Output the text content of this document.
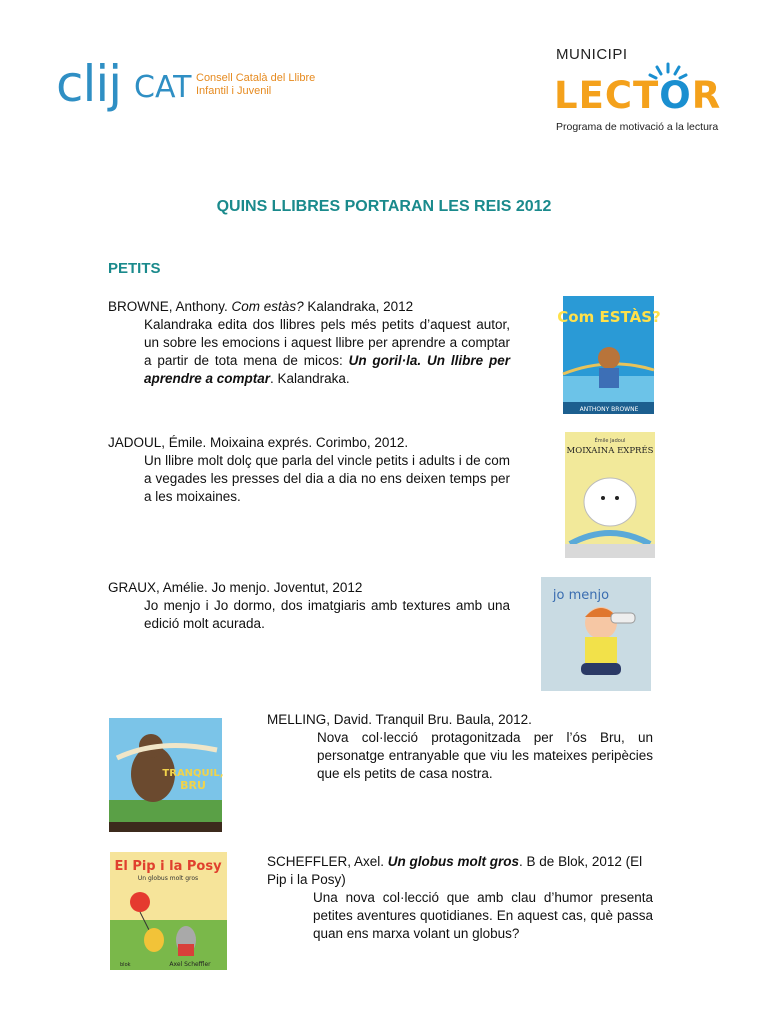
clij CAT Consell Català del Llibre
Infantil i Juvenil
MUNICIPI
LECTOR
Programa de motivació a la lectura
QUINS LLIBRES PORTARAN LES REIS 2012
PETITS
BROWNE, Anthony. Com estàs? Kalandraka, 2012
Kalandraka edita dos llibres pels més petits d’aquest autor, un sobre les emocions i aquest llibre per aprendre a comptar a partir de tota mena de micos: Un goril·la. Un llibre per aprendre a comptar. Kalandraka.
Com ESTÀS?
ANTHONY BROWNE
JADOUL, Émile. Moixaina exprés. Corimbo, 2012.
Un llibre molt dolç que parla del vincle petits i adults i de com a vegades les presses del dia a dia no ens deixen temps per a les moixaines.
Émile Jadoul
MOIXAINA EXPRÉS
GRAUX, Amélie. Jo menjo. Joventut, 2012
Jo menjo i Jo dormo, dos imatgiaris amb textures amb una edició molt acurada.
jo menjo
MELLING, David. Tranquil Bru. Baula, 2012.
Nova col·lecció protagonitzada per l’ós Bru, un personatge entranyable que viu les mateixes peripècies que els petits de casa nostra.
TRANQUIL,
BRU
SCHEFFLER, Axel. Un globus molt gros. B de Blok, 2012 (El Pip i la Posy)
Una nova col·lecció que amb clau d’humor presenta petites aventures quotidianes. En aquest cas, què passa quan ens marxa volant un globus?
El Pip i la Posy
Un globus molt gros
blok	Axel Scheffler
